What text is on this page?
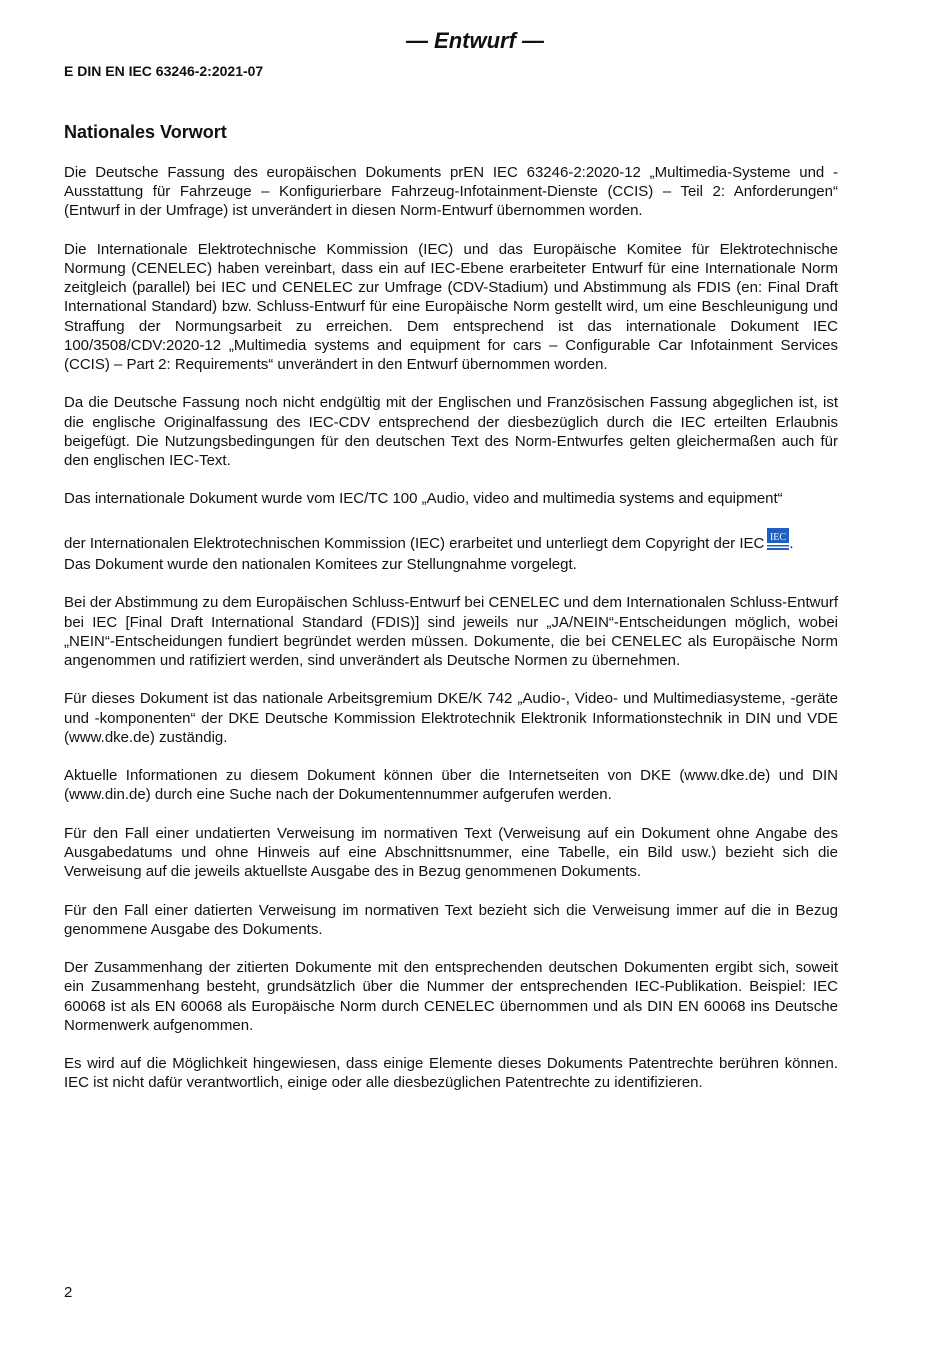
— Entwurf —
E DIN EN IEC 63246-2:2021-07
Nationales Vorwort

Die Deutsche Fassung des europäischen Dokuments prEN IEC 63246-2:2020-12 „Multimedia-Systeme und -Ausstattung für Fahrzeuge – Konfigurierbare Fahrzeug-Infotainment-Dienste (CCIS) – Teil 2: Anforderungen“ (Entwurf in der Umfrage) ist unverändert in diesen Norm-Entwurf übernommen worden.

Die Internationale Elektrotechnische Kommission (IEC) und das Europäische Komitee für Elektrotechnische Normung (CENELEC) haben vereinbart, dass ein auf IEC-Ebene erarbeiteter Entwurf für eine Internationale Norm zeitgleich (parallel) bei IEC und CENELEC zur Umfrage (CDV-Stadium) und Abstimmung als FDIS (en: Final Draft International Standard) bzw. Schluss-Entwurf für eine Europäische Norm gestellt wird, um eine Beschleunigung und Straffung der Normungsarbeit zu erreichen. Dem entsprechend ist das internationale Dokument IEC 100/3508/CDV:2020-12 „Multimedia systems and equipment for cars – Configurable Car Infotainment Services (CCIS) – Part 2: Requirements“ unverändert in den Entwurf übernommen worden.

Da die Deutsche Fassung noch nicht endgültig mit der Englischen und Französischen Fassung abgeglichen ist, ist die englische Originalfassung des IEC-CDV entsprechend der diesbezüglich durch die IEC erteilten Erlaubnis beigefügt. Die Nutzungsbedingungen für den deutschen Text des Norm-Entwurfes gelten gleichermaßen auch für den englischen IEC-Text.

Das internationale Dokument wurde vom IEC/TC 100 „Audio, video and multimedia systems and equipment“

der Internationalen Elektrotechnischen Kommission (IEC) erarbeitet und unterliegt dem Copyright der IEC IEC .
Das Dokument wurde den nationalen Komitees zur Stellungnahme vorgelegt.

Bei der Abstimmung zu dem Europäischen Schluss-Entwurf bei CENELEC und dem Internationalen Schluss-Entwurf bei IEC [Final Draft International Standard (FDIS)] sind jeweils nur „JA/NEIN“-Entscheidungen möglich, wobei „NEIN“-Entscheidungen fundiert begründet werden müssen. Dokumente, die bei CENELEC als Europäische Norm angenommen und ratifiziert werden, sind unverändert als Deutsche Normen zu übernehmen.

Für dieses Dokument ist das nationale Arbeitsgremium DKE/K 742 „Audio-, Video- und Multimediasysteme, -geräte und -komponenten“ der DKE Deutsche Kommission Elektrotechnik Elektronik Informationstechnik in DIN und VDE (www.dke.de) zuständig.

Aktuelle Informationen zu diesem Dokument können über die Internetseiten von DKE (www.dke.de) und DIN (www.din.de) durch eine Suche nach der Dokumentennummer aufgerufen werden.

Für den Fall einer undatierten Verweisung im normativen Text (Verweisung auf ein Dokument ohne Angabe des Ausgabedatums und ohne Hinweis auf eine Abschnittsnummer, eine Tabelle, ein Bild usw.) bezieht sich die Verweisung auf die jeweils aktuellste Ausgabe des in Bezug genommenen Dokuments.

Für den Fall einer datierten Verweisung im normativen Text bezieht sich die Verweisung immer auf die in Bezug genommene Ausgabe des Dokuments.

Der Zusammenhang der zitierten Dokumente mit den entsprechenden deutschen Dokumenten ergibt sich, soweit ein Zusammenhang besteht, grundsätzlich über die Nummer der entsprechenden IEC-Publikation. Beispiel: IEC 60068 ist als EN 60068 als Europäische Norm durch CENELEC übernommen und als DIN EN 60068 ins Deutsche Normenwerk aufgenommen.

Es wird auf die Möglichkeit hingewiesen, dass einige Elemente dieses Dokuments Patentrechte berühren können. IEC ist nicht dafür verantwortlich, einige oder alle diesbezüglichen Patentrechte zu identifizieren.

2
